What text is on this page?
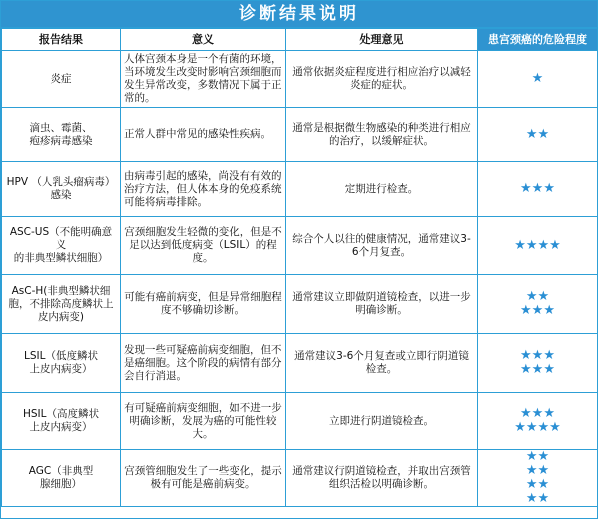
诊断结果说明
报告结果	意义	处理意见	患宫颈癌的危险程度
炎症	人体宫颈本身是一个有菌的环境，当环境发生改变时影响宫颈细胞而发生异常改变，多数情况下属于正常的。	通常依据炎症程度进行相应治疗以减轻炎症的症状。	★
滴虫、霉菌、
疱疹病毒感染	正常人群中常见的感染性疾病。	通常是根据微生物感染的种类进行相应的治疗，以缓解症状。	★★
HPV （人乳头瘤病毒）
感染	由病毒引起的感染，尚没有有效的治疗方法，但人体本身的免疫系统可能将病毒排除。	定期进行检查。	★★★
ASC-US（不能明确意义
的非典型鳞状细胞）	宫颈细胞发生轻微的变化，但是不足以达到低度病变（LSIL）的程度。	综合个人以往的健康情况，通常建议3-6个月复查。	★★★★
AsC-H(非典型鳞状细胞，不排除高度鳞状上皮内病变)	可能有癌前病变，但是异常细胞程度不够确切诊断。	通常建议立即做阴道镜检查，以进一步明确诊断。	★★
★★★
LSIL（低度鳞状
上皮内病变）	发现一些可疑癌前病变细胞，但不是癌细胞。这个阶段的病情有部分会自行消退。	通常建议3-6个月复查或立即行阴道镜检查。	★★★
★★★
HSIL（高度鳞状
上皮内病变）	有可疑癌前病变细胞，如不进一步明确诊断，发展为癌的可能性较大。	立即进行阴道镜检查。	★★★
★★★★
AGC（非典型
腺细胞）	宫颈管细胞发生了一些变化，提示极有可能是癌前病变。	通常建议行阴道镜检查，并取出宫颈管组织活检以明确诊断。	★★
★★
★★
★★
